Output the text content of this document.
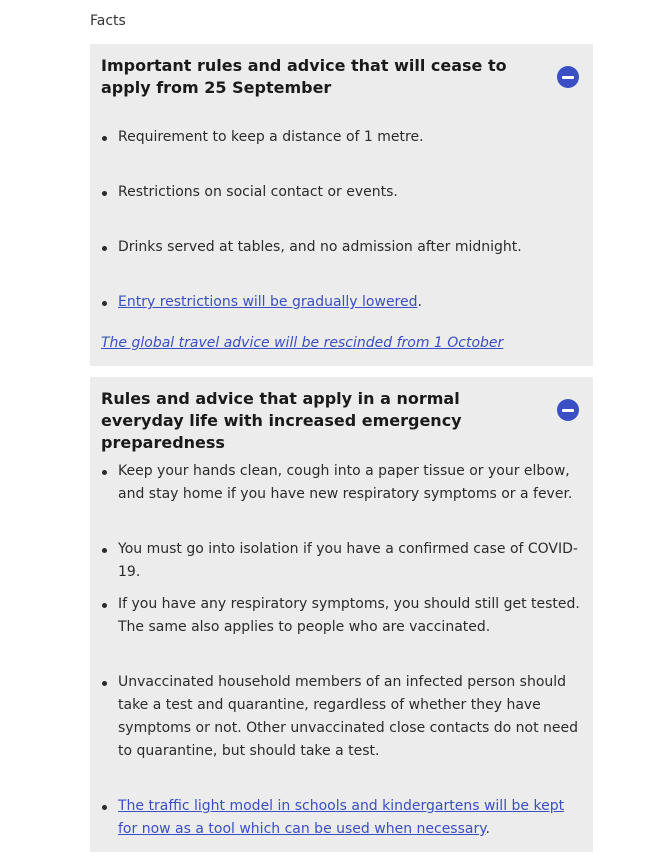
Facts
Important rules and advice that will cease to apply from 25 September
Requirement to keep a distance of 1 metre.
Restrictions on social contact or events.
Drinks served at tables, and no admission after midnight.
Entry restrictions will be gradually lowered.
The global travel advice will be rescinded from 1 October
Rules and advice that apply in a normal everyday life with increased emergency preparedness
Keep your hands clean, cough into a paper tissue or your elbow, and stay home if you have new respiratory symptoms or a fever.
You must go into isolation if you have a confirmed case of COVID-19.
If you have any respiratory symptoms, you should still get tested. The same also applies to people who are vaccinated.
Unvaccinated household members of an infected person should take a test and quarantine, regardless of whether they have symptoms or not. Other unvaccinated close contacts do not need to quarantine, but should take a test.
The traffic light model in schools and kindergartens will be kept for now as a tool which can be used when necessary.
